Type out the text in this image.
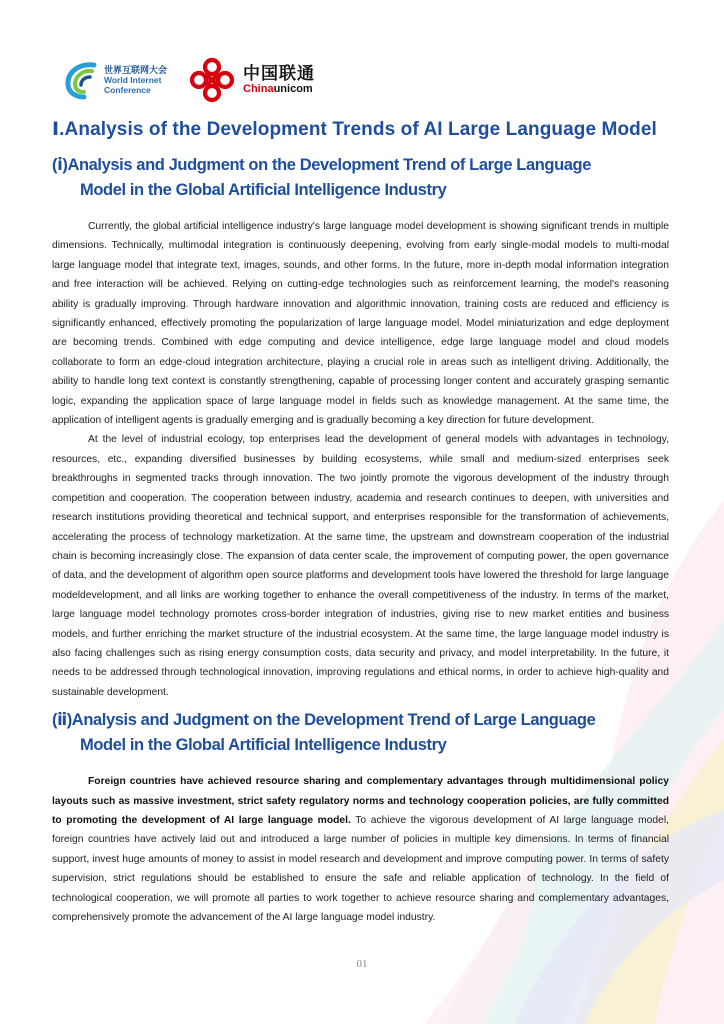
世界互联网大会
World Internet
Conference
中国联通
Chinaunicom
Ⅰ.Analysis of the Development Trends of AI Large Language Model
(ⅰ)Analysis and Judgment on the Development Trend of Large Language
Model in the Global Artificial Intelligence Industry

Currently, the global artificial intelligence industry's large language model development is showing significant trends in multiple dimensions. Technically, multimodal integration is continuously deepening, evolving from early single-modal models to multi-modal large language model that integrate text, images, sounds, and other forms. In the future, more in-depth modal information integration and free interaction will be achieved. Relying on cutting-edge technologies such as reinforcement learning, the model's reasoning ability is gradually improving. Through hardware innovation and algorithmic innovation, training costs are reduced and efficiency is significantly enhanced, effectively promoting the popularization of large language model. Model miniaturization and edge deployment are becoming trends. Combined with edge computing and device intelligence, edge large language model and cloud models collaborate to form an edge-cloud integration architecture, playing a crucial role in areas such as intelligent driving. Additionally, the ability to handle long text context is constantly strengthening, capable of processing longer content and accurately grasping semantic logic, expanding the application space of large language model in fields such as knowledge management. At the same time, the application of intelligent agents is gradually emerging and is gradually becoming a key direction for future development.

At the level of industrial ecology, top enterprises lead the development of general models with advantages in technology, resources, etc., expanding diversified businesses by building ecosystems, while small and medium-sized enterprises seek breakthroughs in segmented tracks through innovation. The two jointly promote the vigorous development of the industry through competition and cooperation. The cooperation between industry, academia and research continues to deepen, with universities and research institutions providing theoretical and technical support, and enterprises responsible for the transformation of achievements, accelerating the process of technology marketization. At the same time, the upstream and downstream cooperation of the industrial chain is becoming increasingly close. The expansion of data center scale, the improvement of computing power, the open governance of data, and the development of algorithm open source platforms and development tools have lowered the threshold for large language modeldevelopment, and all links are working together to enhance the overall competitiveness of the industry. In terms of the market, large language model technology promotes cross-border integration of industries, giving rise to new market entities and business models, and further enriching the market structure of the industrial ecosystem. At the same time, the large language model industry is also facing challenges such as rising energy consumption costs, data security and privacy, and model interpretability. In the future, it needs to be addressed through technological innovation, improving regulations and ethical norms, in order to achieve high-quality and sustainable development.

(ⅱ)Analysis and Judgment on the Development Trend of Large Language
Model in the Global Artificial Intelligence Industry

Foreign countries have achieved resource sharing and complementary advantages through multidimensional policy layouts such as massive investment, strict safety regulatory norms and technology cooperation policies, are fully committed to promoting the development of AI large language model. To achieve the vigorous development of AI large language model, foreign countries have actively laid out and introduced a large number of policies in multiple key dimensions. In terms of financial support, invest huge amounts of money to assist in model research and development and improve computing power. In terms of safety supervision, strict regulations should be established to ensure the safe and reliable application of technology. In the field of technological cooperation, we will promote all parties to work together to achieve resource sharing and complementary advantages, comprehensively promote the advancement of the AI large language model industry.

01
